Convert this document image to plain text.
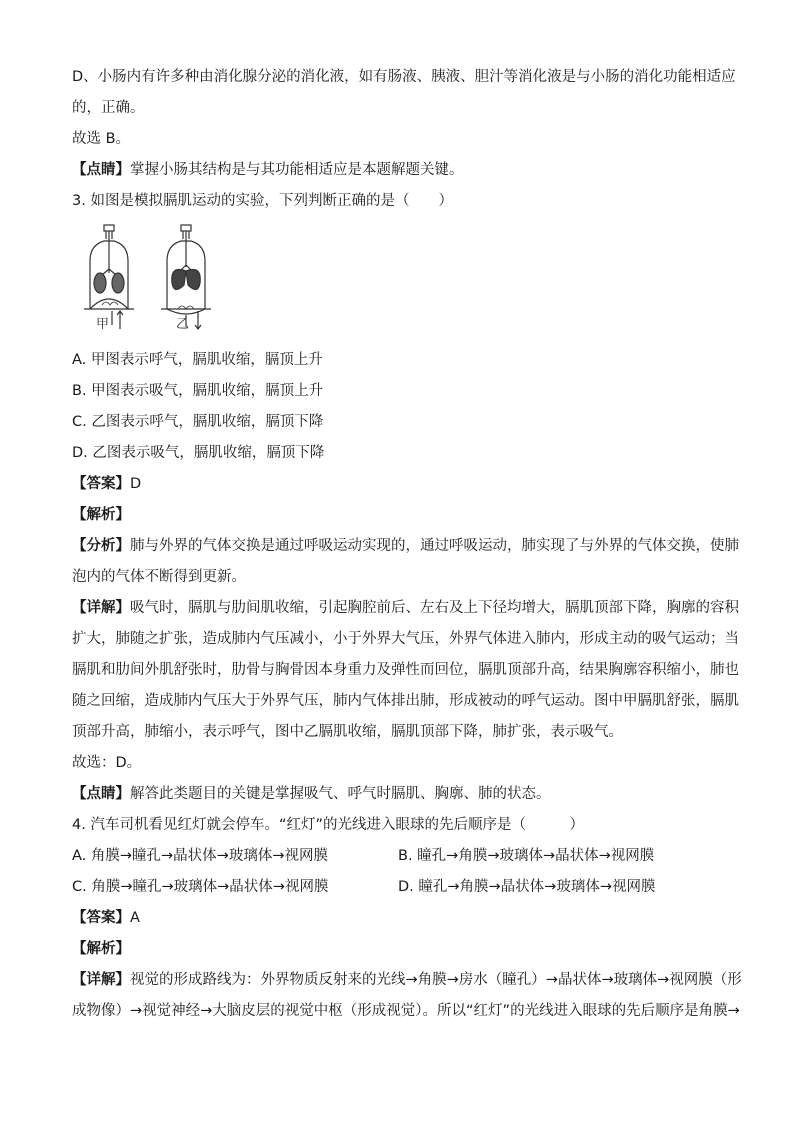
D、小肠内有许多种由消化腺分泌的消化液，如有肠液、胰液、胆汁等消化液是与小肠的消化功能相适应

的，正确。

故选 B。

【点睛】掌握小肠其结构是与其功能相适应是本题解题关键。

3. 如图是模拟膈肌运动的实验，下列判断正确的是（　　）

甲	乙

A. 甲图表示呼气，膈肌收缩，膈顶上升

B. 甲图表示吸气，膈肌收缩，膈顶上升

C. 乙图表示呼气，膈肌收缩，膈顶下降

D. 乙图表示吸气，膈肌收缩，膈顶下降

【答案】D

【解析】

【分析】肺与外界的气体交换是通过呼吸运动实现的，通过呼吸运动，肺实现了与外界的气体交换，使肺

泡内的气体不断得到更新。

【详解】吸气时，膈肌与肋间肌收缩，引起胸腔前后、左右及上下径均增大，膈肌顶部下降，胸廓的容积

扩大，肺随之扩张，造成肺内气压减小，小于外界大气压，外界气体进入肺内，形成主动的吸气运动；当

膈肌和肋间外肌舒张时，肋骨与胸骨因本身重力及弹性而回位，膈肌顶部升高，结果胸廓容积缩小，肺也

随之回缩，造成肺内气压大于外界气压，肺内气体排出肺，形成被动的呼气运动。图中甲膈肌舒张，膈肌

顶部升高，肺缩小，表示呼气，图中乙膈肌收缩，膈肌顶部下降，肺扩张，表示吸气。

故选：D。

【点睛】解答此类题目的关键是掌握吸气、呼气时膈肌、胸廓、肺的状态。

4. 汽车司机看见红灯就会停车。“红灯”的光线进入眼球的先后顺序是（　　　）

A. 角膜→瞳孔→晶状体→玻璃体→视网膜	B. 瞳孔→角膜→玻璃体→晶状体→视网膜

C. 角膜→瞳孔→玻璃体→晶状体→视网膜	D. 瞳孔→角膜→晶状体→玻璃体→视网膜

【答案】A

【解析】

【详解】视觉的形成路线为：外界物质反射来的光线→角膜→房水（瞳孔）→晶状体→玻璃体→视网膜（形

成物像）→视觉神经→大脑皮层的视觉中枢（形成视觉）。所以“红灯”的光线进入眼球的先后顺序是角膜→
